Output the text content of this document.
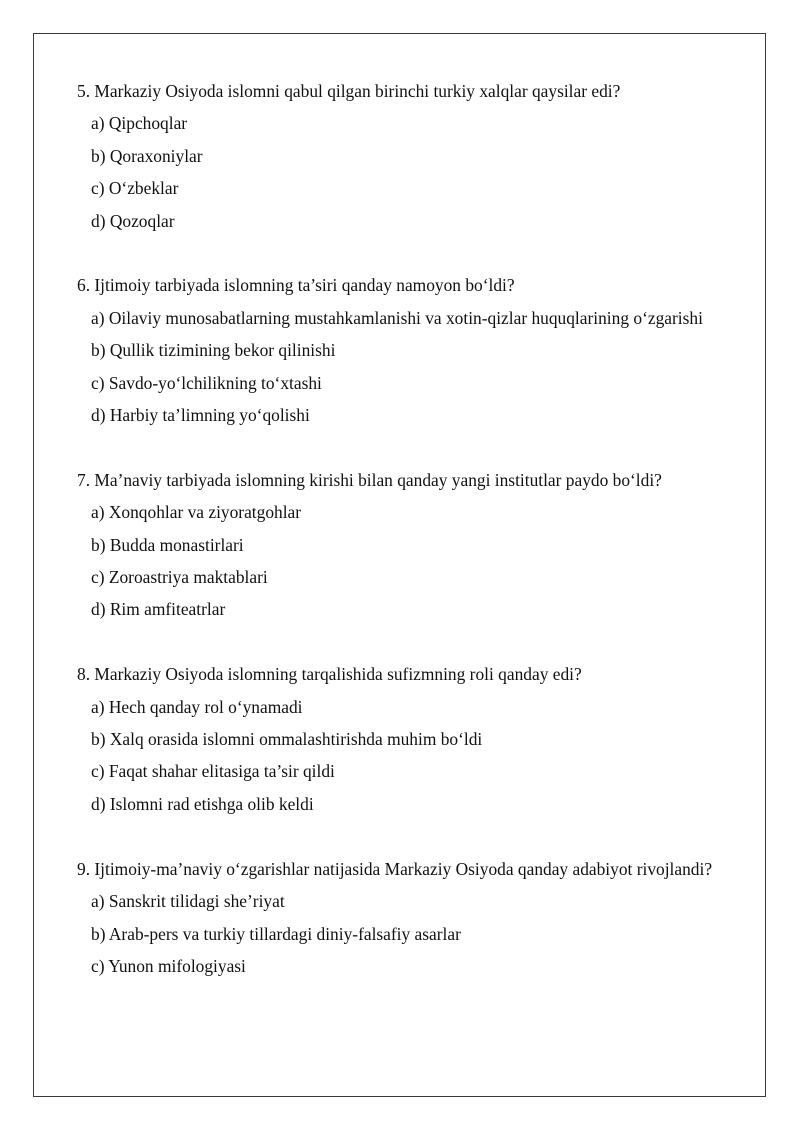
5. Markaziy Osiyoda islomni qabul qilgan birinchi turkiy xalqlar qaysilar edi?
a) Qipchoqlar
b) Qoraxoniylar
c) O‘zbeklar
d) Qozoqlar
6. Ijtimoiy tarbiyada islomning ta’siri qanday namoyon bo‘ldi?
a) Oilaviy munosabatlarning mustahkamlanishi va xotin-qizlar huquqlarining o‘zgarishi
b) Qullik tizimining bekor qilinishi
c) Savdo-yo‘lchilikning to‘xtashi
d) Harbiy ta’limning yo‘qolishi
7. Ma’naviy tarbiyada islomning kirishi bilan qanday yangi institutlar paydo bo‘ldi?
a) Xonqohlar va ziyoratgohlar
b) Budda monastirlari
c) Zoroastriya maktablari
d) Rim amfiteatrlar
8. Markaziy Osiyoda islomning tarqalishida sufizmning roli qanday edi?
a) Hech qanday rol o‘ynamadi
b) Xalq orasida islomni ommalashtirishda muhim bo‘ldi
c) Faqat shahar elitasiga ta’sir qildi
d) Islomni rad etishga olib keldi
9. Ijtimoiy-ma’naviy o‘zgarishlar natijasida Markaziy Osiyoda qanday adabiyot rivojlandi?
a) Sanskrit tilidagi she’riyat
b) Arab-pers va turkiy tillardagi diniy-falsafiy asarlar
c) Yunon mifologiyasi
